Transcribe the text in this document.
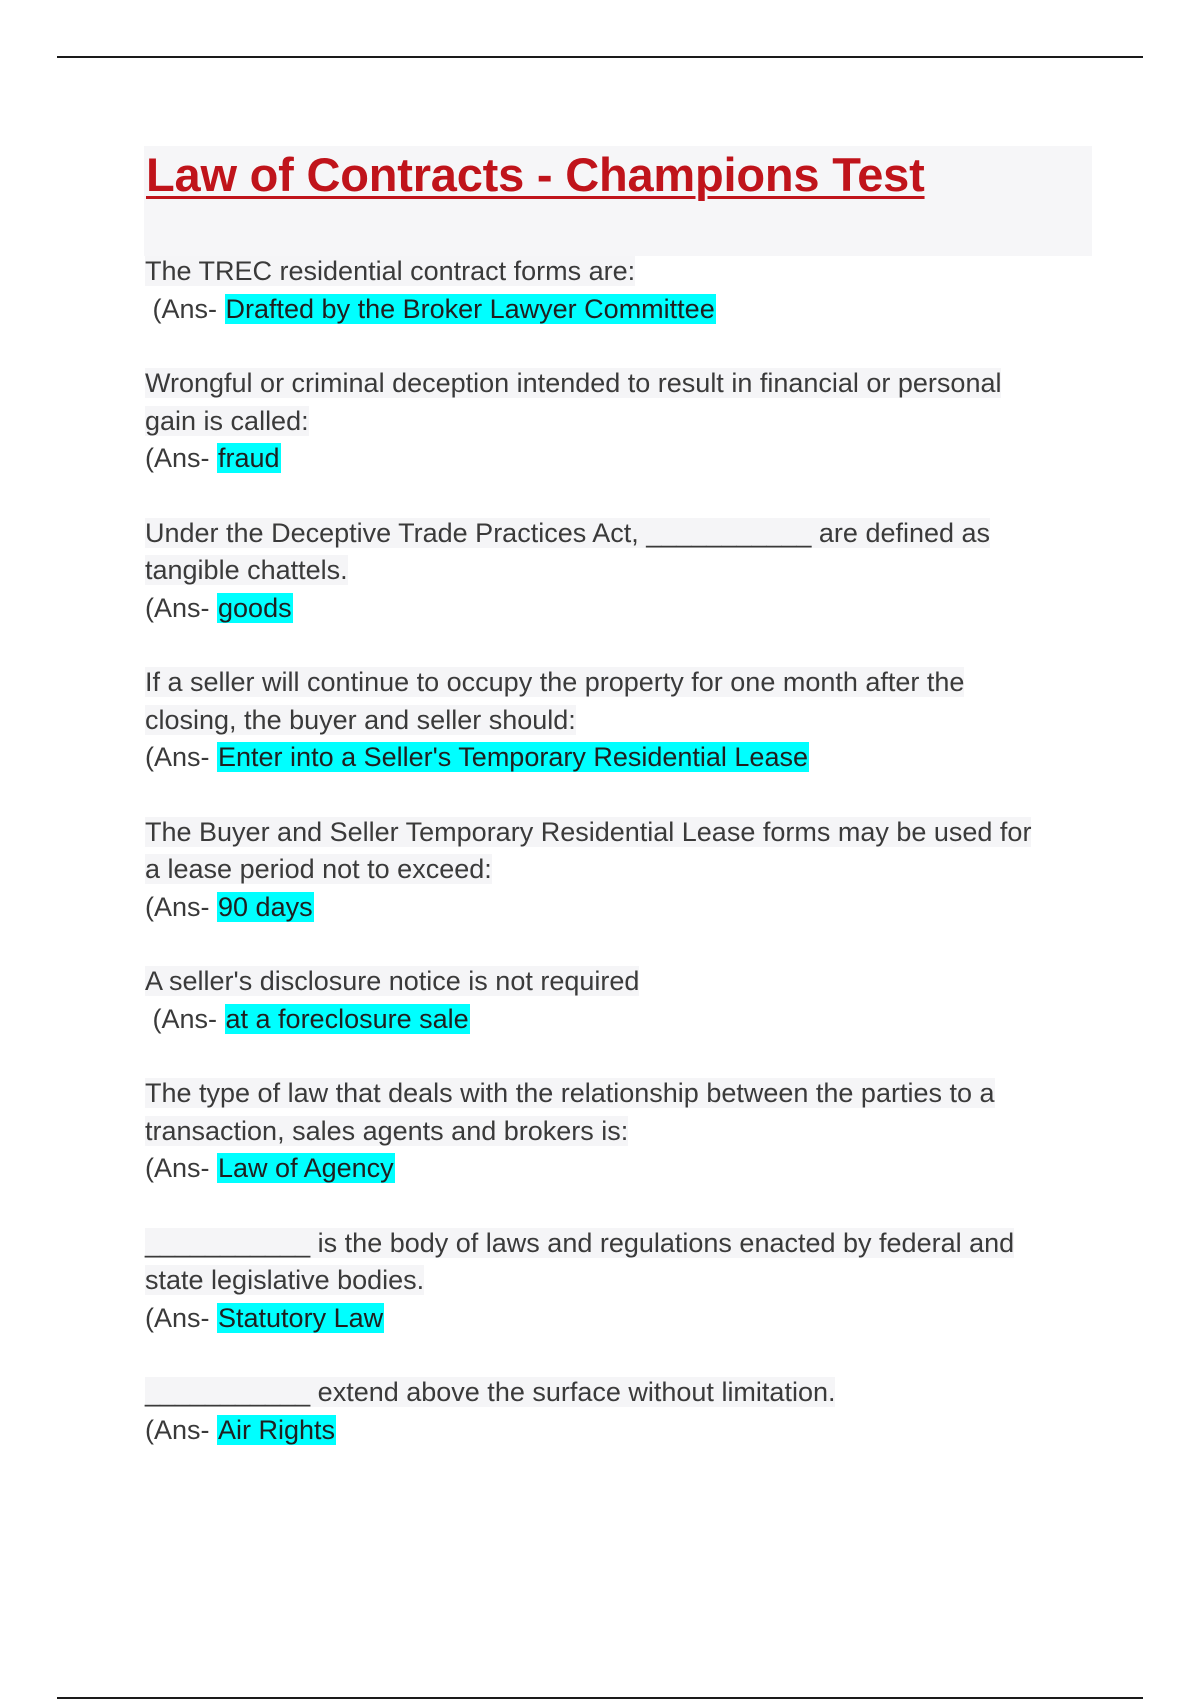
Law of Contracts - Champions Test
The TREC residential contract forms are:
(Ans- Drafted by the Broker Lawyer Committee
Wrongful or criminal deception intended to result in financial or personal
gain is called:
(Ans- fraud
Under the Deceptive Trade Practices Act, ___________ are defined as
tangible chattels.
(Ans- goods
If a seller will continue to occupy the property for one month after the
closing, the buyer and seller should:
(Ans- Enter into a Seller's Temporary Residential Lease
The Buyer and Seller Temporary Residential Lease forms may be used for
a lease period not to exceed:
(Ans- 90 days
A seller's disclosure notice is not required
(Ans- at a foreclosure sale
The type of law that deals with the relationship between the parties to a
transaction, sales agents and brokers is:
(Ans- Law of Agency
___________ is the body of laws and regulations enacted by federal and
state legislative bodies.
(Ans- Statutory Law
___________ extend above the surface without limitation.
(Ans- Air Rights
